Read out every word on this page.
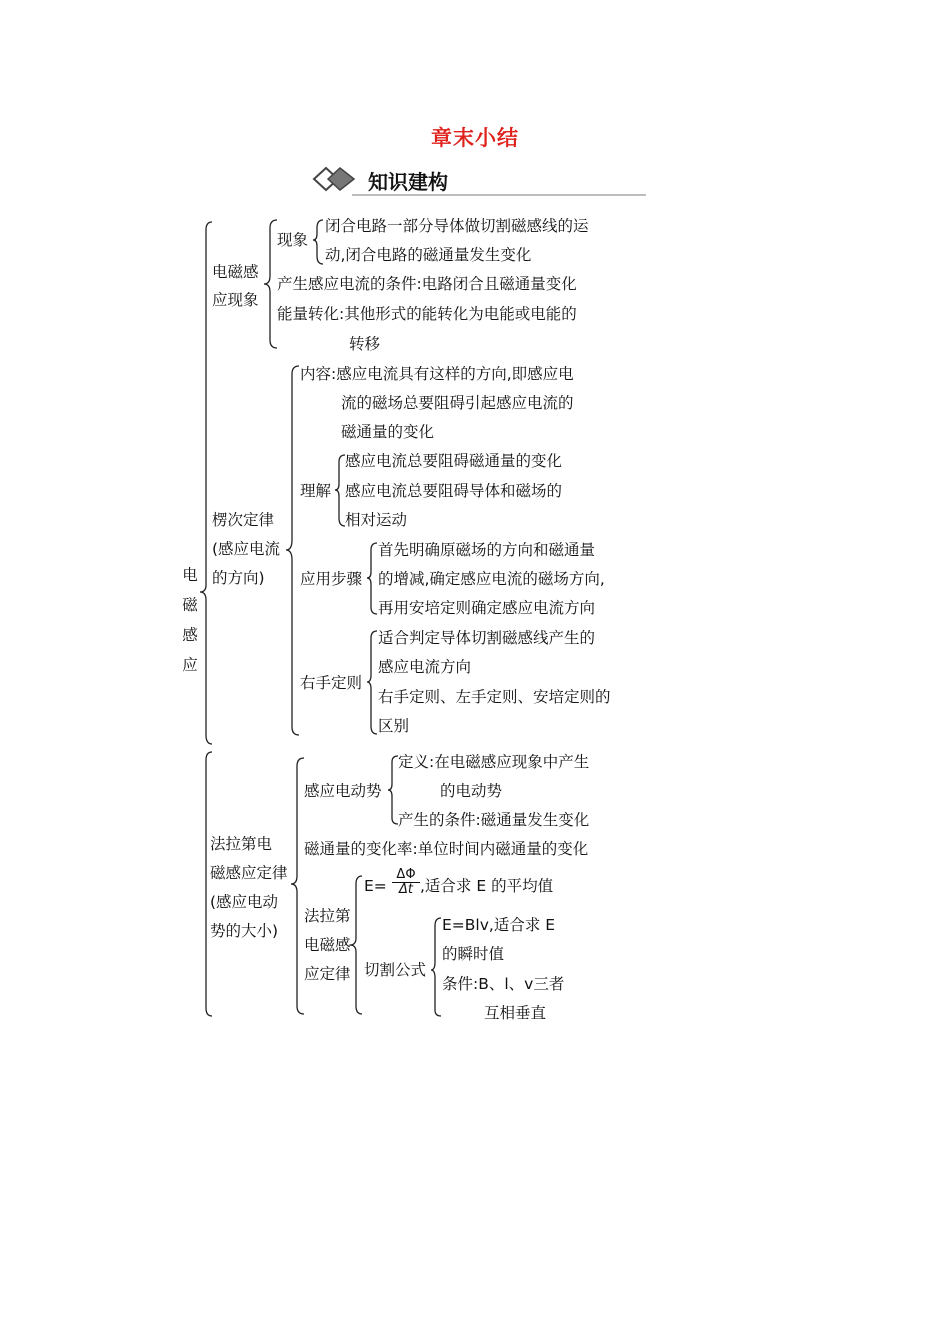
章末小结
知识建构
电
磁
感
应
电磁感
应现象
现象
闭合电路一部分导体做切割磁感线的运
动,闭合电路的磁通量发生变化
产生感应电流的条件:电路闭合且磁通量变化
能量转化:其他形式的能转化为电能或电能的
转移
楞次定律
(感应电流
的方向)
内容:感应电流具有这样的方向,即感应电
流的磁场总要阻碍引起感应电流的
磁通量的变化
理解
感应电流总要阻碍磁通量的变化
感应电流总要阻碍导体和磁场的
相对运动
应用步骤
首先明确原磁场的方向和磁通量
的增减,确定感应电流的磁场方向,
再用安培定则确定感应电流方向
右手定则
适合判定导体切割磁感线产生的
感应电流方向
右手定则、左手定则、安培定则的
区别
法拉第电
磁感应定律
(感应电动
势的大小)
感应电动势
定义:在电磁感应现象中产生
的电动势
产生的条件:磁通量发生变化
磁通量的变化率:单位时间内磁通量的变化
法拉第
电磁感
应定律
$E= \frac{\Delta\Phi}{\Delta t}$ ,适合求 E 的平均值
切割公式
E=Blv,适合求 E
的瞬时值
条件:B、l、v三者
互相垂直
